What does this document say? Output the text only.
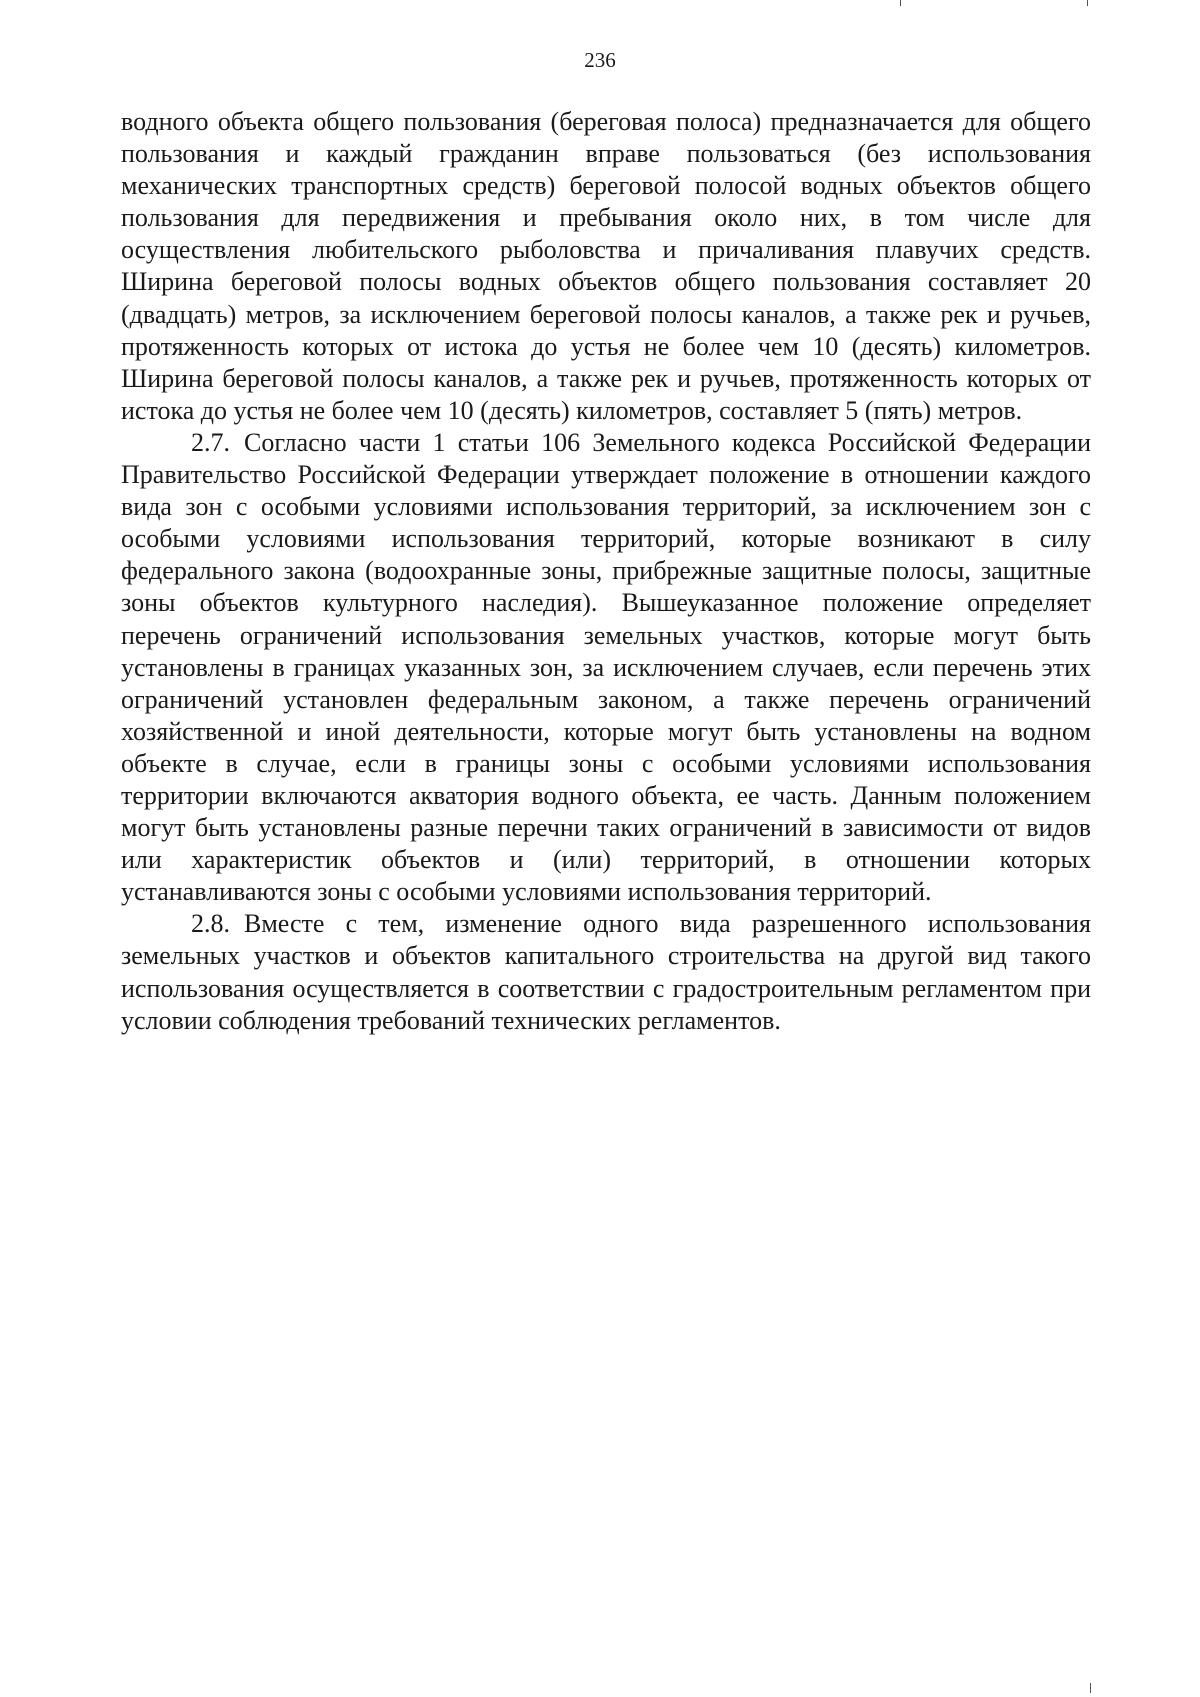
236

водного объекта общего пользования (береговая полоса) предназначается для общего пользования и каждый гражданин вправе пользоваться (без использования механических транспортных средств) береговой полосой водных объектов общего пользования для передвижения и пребывания около них, в том числе для осуществления любительского рыболовства и причаливания плавучих средств. Ширина береговой полосы водных объектов общего пользования составляет 20 (двадцать) метров, за исключением береговой полосы каналов, а также рек и ручьев, протяженность которых от истока до устья не более чем 10 (десять) километров. Ширина береговой полосы каналов, а также рек и ручьев, протяженность которых от истока до устья не более чем 10 (десять) километров, составляет 5 (пять) метров.

2.7. Согласно части 1 статьи 106 Земельного кодекса Российской Федерации Правительство Российской Федерации утверждает положение в отношении каждого вида зон с особыми условиями использования территорий, за исключением зон с особыми условиями использования территорий, которые возникают в силу федерального закона (водоохранные зоны, прибрежные защитные полосы, защитные зоны объектов культурного наследия). Вышеуказанное положение определяет перечень ограничений использования земельных участков, которые могут быть установлены в границах указанных зон, за исключением случаев, если перечень этих ограничений установлен федеральным законом, а также перечень ограничений хозяйственной и иной деятельности, которые могут быть установлены на водном объекте в случае, если в границы зоны с особыми условиями использования территории включаются акватория водного объекта, ее часть. Данным положением могут быть установлены разные перечни таких ограничений в зависимости от видов или характеристик объектов и (или) территорий, в отношении которых устанавливаются зоны с особыми условиями использования территорий.

2.8. Вместе с тем, изменение одного вида разрешенного использования земельных участков и объектов капитального строительства на другой вид такого использования осуществляется в соответствии с градостроительным регламентом при условии соблюдения требований технических регламентов.
